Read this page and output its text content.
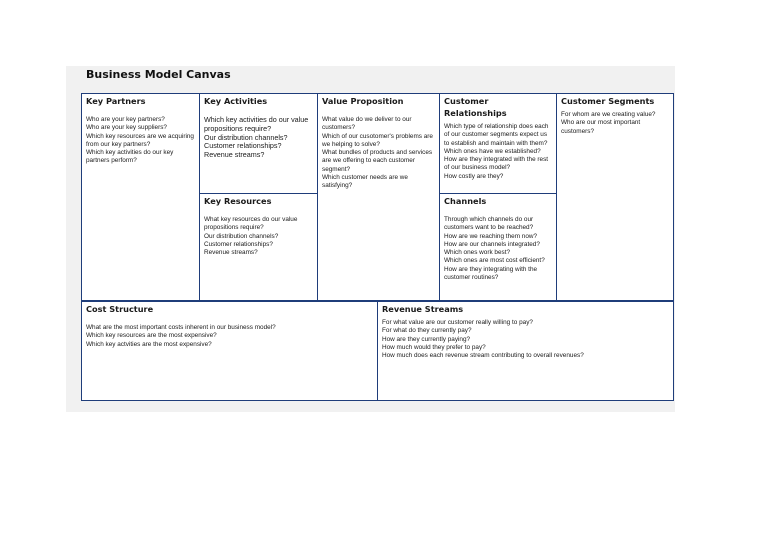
Business Model Canvas
Key Partners

Who are your key partners?
Who are your key suppliers?
Which key resources are we acquiring from our key partners?
Which key activities do our key partners perform?

Key Activities

Which key activities do our value propositions require?
Our distribution channels?
Customer relationships?
Revenue streams?

Key Resources

What key resources do our value propositions require?
Our distribution channels?
Customer relationships?
Revenue streams?

Value Proposition

What value do we deliver to our customers?
Which of our cusotomer's problems are we helping to solve?
What bundles of products and services are we offering to each customer segment?
Which customer needs are we satisfying?

Customer Relationships

Which type of relationship does each of our customer segments expect us to establish and maintain with them?
Which ones have we established?
How are they integrated with the rest of our business model?
How costly are they?

Channels

Through which channels do our customers want to be reached?
How are we reaching them now?
How are our channels integrated?
Which ones work best?
Which ones are most cost efficient?
How are they integrating with the customer routines?

Customer Segments

For whom are we creating value?
Who are our most important customers?

Cost Structure

What are the most important costs inherent in our business model?
Which key resources are the most expensive?
Which key actvities are the most expensive?

Revenue Streams

For what value are our customer really willing to pay?
For what do they currently pay?
How are they currently paying?
How much would they prefer to pay?
How much does each revenue stream contributing to overall revenues?
